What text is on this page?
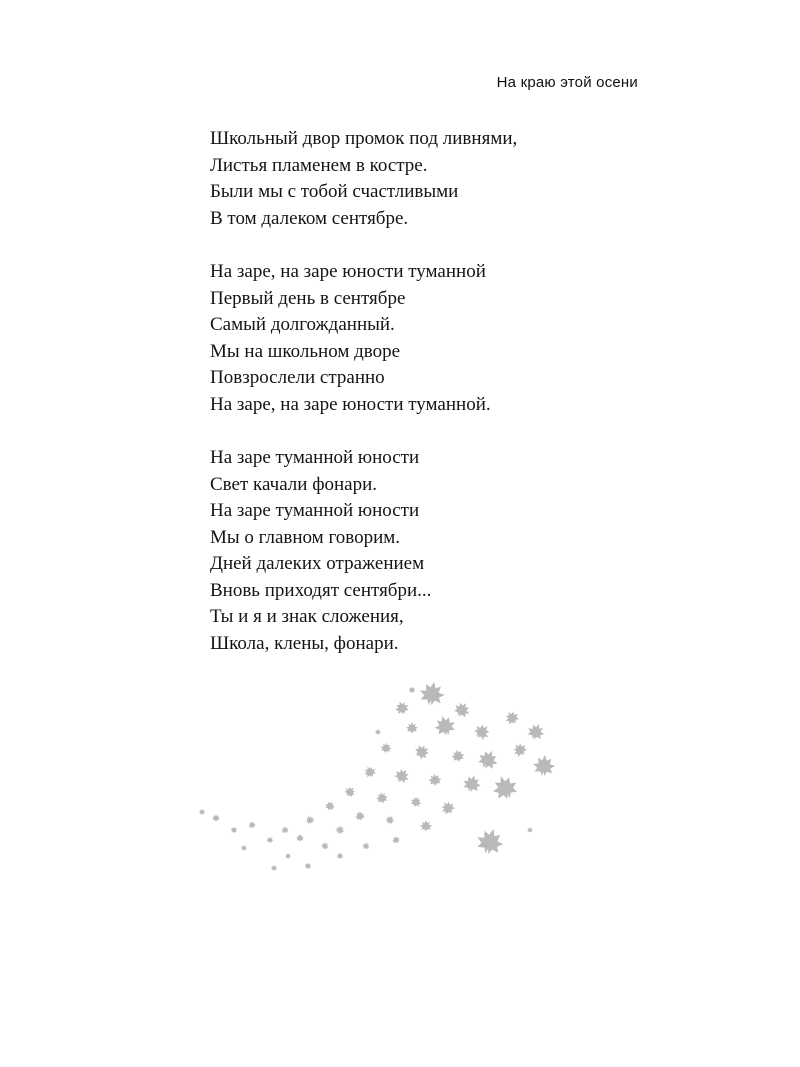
На краю этой осени
Школьный двор промок под ливнями,
Листья пламенем в костре.
Были мы с тобой счастливыми
В том далеком сентябре.
На заре, на заре юности туманной
Первый день в сентябре
Самый долгожданный.
Мы на школьном дворе
Повзрослели странно
На заре, на заре юности туманной.
На заре туманной юности
Свет качали фонари.
На заре туманной юности
Мы о главном говорим.
Дней далеких отражением
Вновь приходят сентябри...
Ты и я и знак сложения,
Школа, клены, фонари.
